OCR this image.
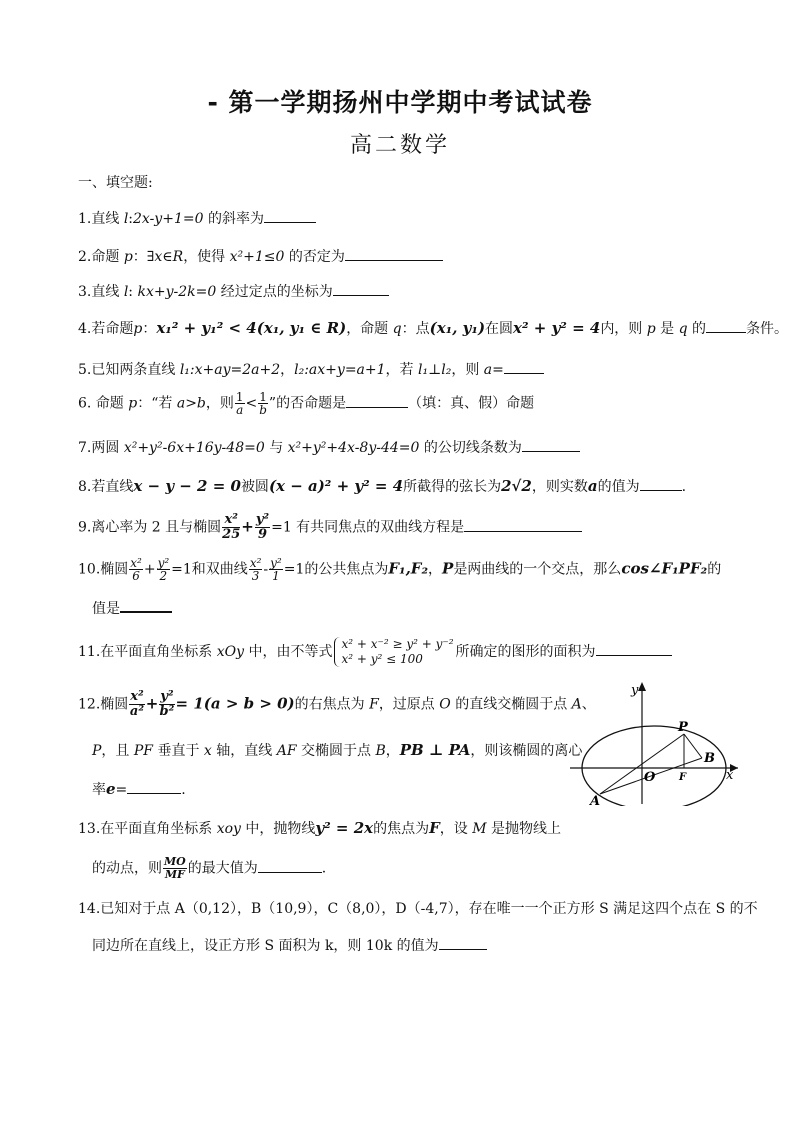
- 第一学期扬州中学期中考试试卷
高二数学
一、填空题:
1.直线 l:2x-y+1=0 的斜率为
2.命题 p：∃x∈R，使得 x²+1≤0 的否定为
3.直线 l: kx+y-2k=0 经过定点的坐标为
4.若命题p：x₁² + y₁² < 4(x₁, y₁ ∈ R)，命题 q：点(x₁, y₁)在圆x² + y² = 4内，则 p 是 q 的	条件。
5.已知两条直线 l₁:x+ay=2a+2，l₂:ax+y=a+1，若 l₁⊥l₂，则 a=
6. 命题 p：“若 a>b，则 $\frac{1}{a} < \frac{1}{b}$ ”的否命题是	（填：真、假）命题
7.两圆 x²+y²-6x+16y-48=0 与 x²+y²+4x-8y-44=0 的公切线条数为
8.若直线x − y − 2 = 0被圆(x − a)² + y² = 4所截得的弦长为2√2，则实数a的值为	.
9.离心率为 2 且与椭圆 $\frac{\text{x²}}{25} + \frac{\text{y²}}{9} =1$ 有共同焦点的双曲线方程是
10.椭圆 $\frac{\text{x²}}{6} + \frac{\text{y²}}{2} =1$和双曲线 $\frac{\text{x²}}{3} - \frac{\text{y²}}{1} =1$的公共焦点为F₁,F₂，P是两曲线的一个交点，那么cos∠F₁PF₂的
值是
11.在平面直角坐标系 xOy 中，由不等式 x² + x⁻² ≥ y² + y⁻²
x² + y² ≤ 100	所确定的图形的面积为
12.椭圆 $\frac{\text{x²}}{\text{a²}} + \frac{\text{y²}}{\text{b²}} = 1(a > b > 0)$的右焦点为 F，过原点 O 的直线交椭圆于点 A、
P，且 PF 垂直于 x 轴，直线 AF 交椭圆于点 B，PB ⊥ PA，则该椭圆的离心
率e=	.
y
P
B
O F	x
A
13.在平面直角坐标系 xoy 中，抛物线y² = 2x的焦点为F，设 M 是抛物线上
的动点，则 $\frac{MO}{MF}$ 的最大值为	.
14.已知对于点 A（0,12），B（10,9），C（8,0），D（-4,7），存在唯一一个正方形 S 满足这四个点在 S 的不
同边所在直线上，设正方形 S 面积为 k，则 10k 的值为
